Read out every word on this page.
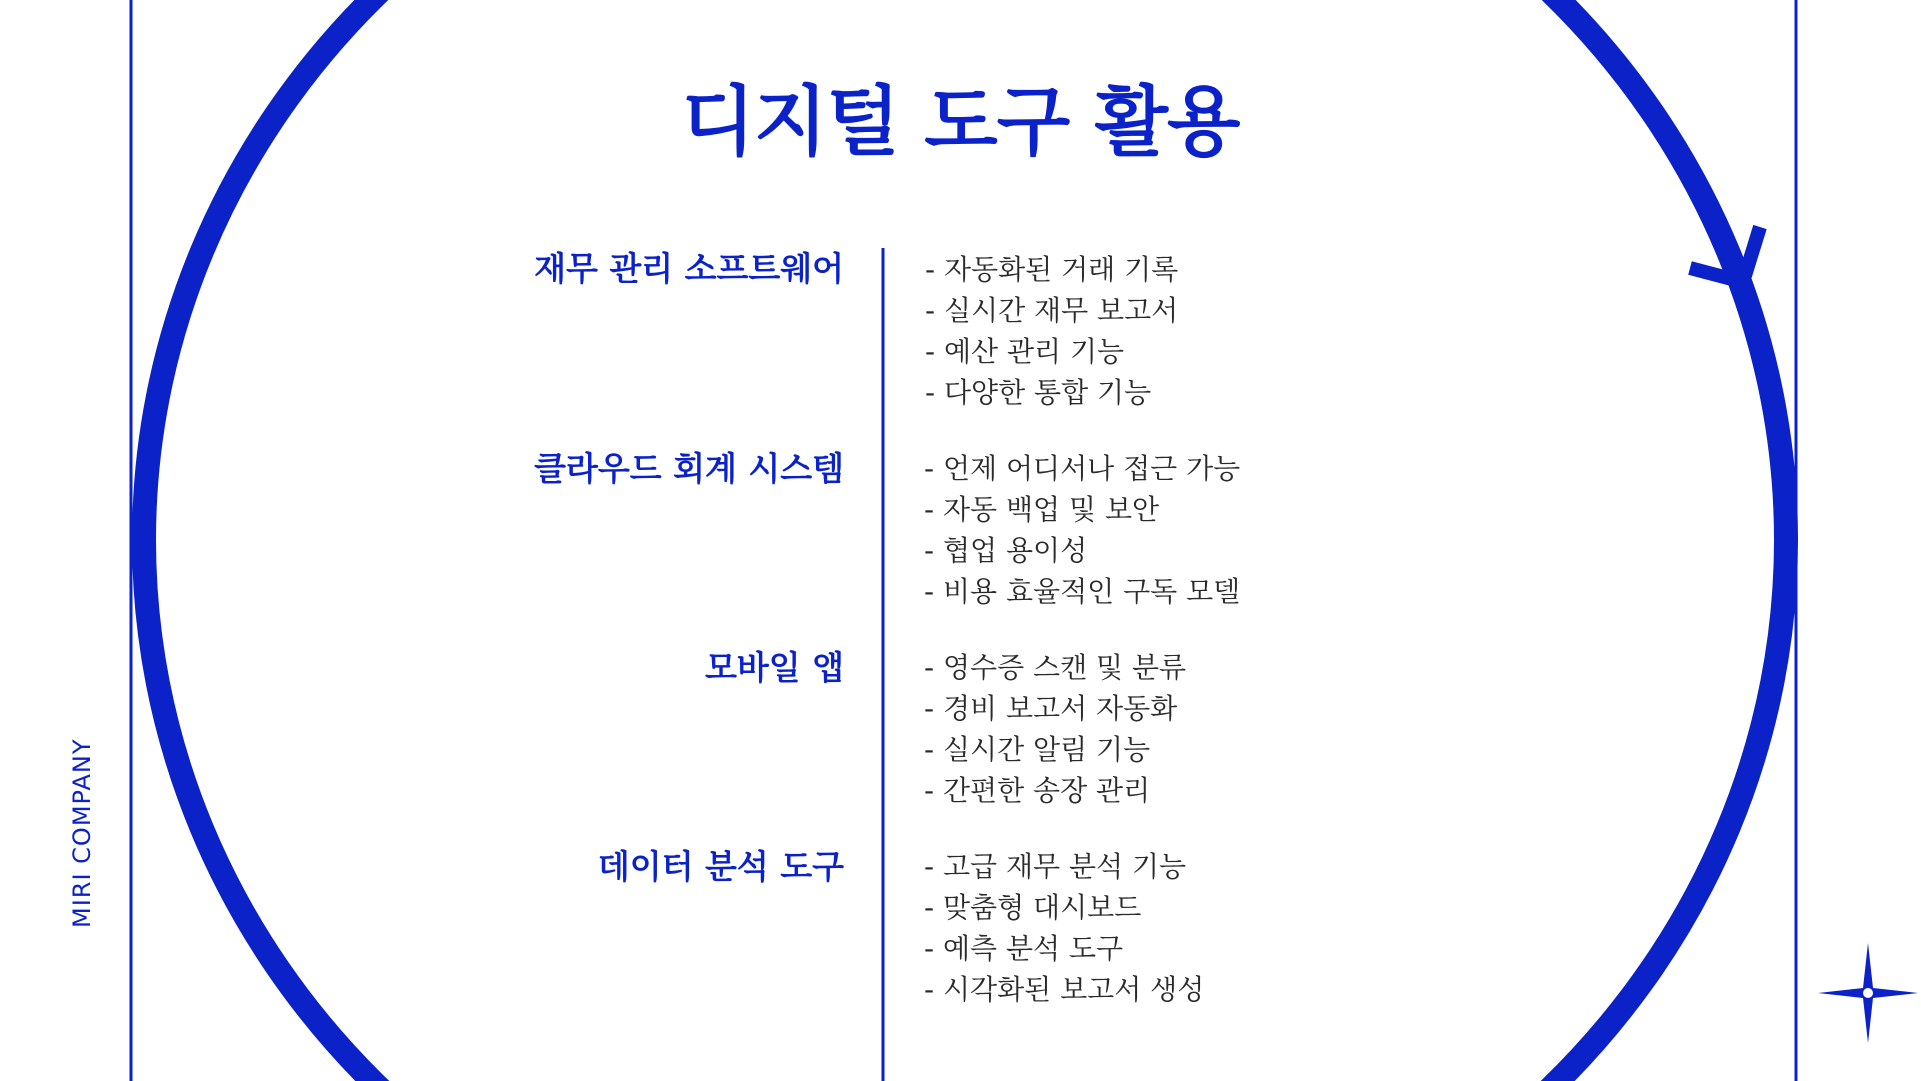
디지털 도구 활용
MIRI COMPANY
재무 관리 소프트웨어	- 자동화된 거래 기록
- 실시간 재무 보고서
- 예산 관리 기능
- 다양한 통합 기능
클라우드 회계 시스템	- 언제 어디서나 접근 가능
- 자동 백업 및 보안
- 협업 용이성
- 비용 효율적인 구독 모델
모바일 앱	- 영수증 스캔 및 분류
- 경비 보고서 자동화
- 실시간 알림 기능
- 간편한 송장 관리
데이터 분석 도구	- 고급 재무 분석 기능
- 맞춤형 대시보드
- 예측 분석 도구
- 시각화된 보고서 생성
